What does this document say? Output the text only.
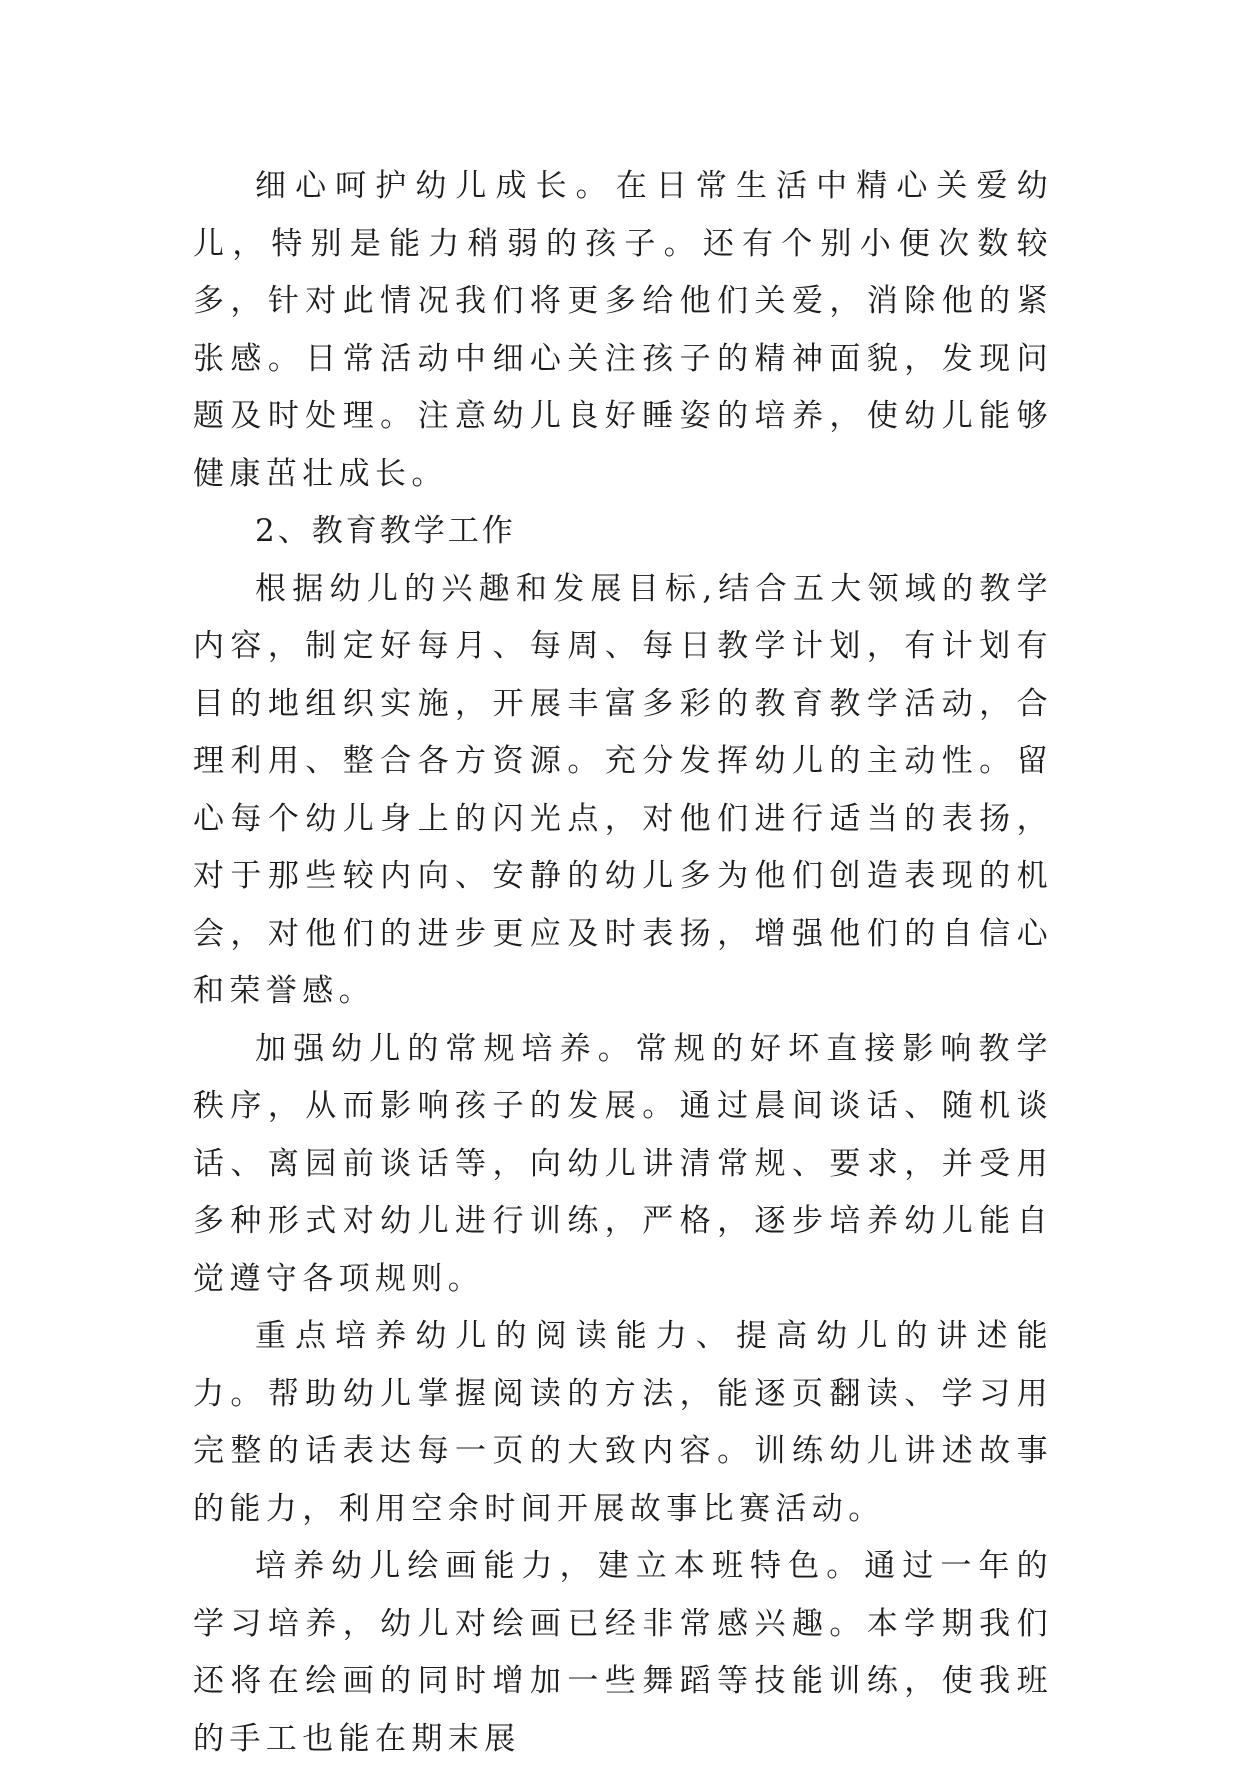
细心呵护幼儿成长。在日常生活中精心关爱幼儿，特别是能力稍弱的孩子。还有个别小便次数较多，针对此情况我们将更多给他们关爱，消除他的紧张感。日常活动中细心关注孩子的精神面貌，发现问题及时处理。注意幼儿良好睡姿的培养，使幼儿能够健康茁壮成长。

2、教育教学工作

根据幼儿的兴趣和发展目标,结合五大领域的教学内容，制定好每月、每周、每日教学计划，有计划有目的地组织实施，开展丰富多彩的教育教学活动，合理利用、整合各方资源。充分发挥幼儿的主动性。留心每个幼儿身上的闪光点，对他们进行适当的表扬，对于那些较内向、安静的幼儿多为他们创造表现的机会，对他们的进步更应及时表扬，增强他们的自信心和荣誉感。

加强幼儿的常规培养。常规的好坏直接影响教学秩序，从而影响孩子的发展。通过晨间谈话、随机谈话、离园前谈话等，向幼儿讲清常规、要求，并受用多种形式对幼儿进行训练，严格，逐步培养幼儿能自觉遵守各项规则。

重点培养幼儿的阅读能力、提高幼儿的讲述能力。帮助幼儿掌握阅读的方法，能逐页翻读、学习用完整的话表达每一页的大致内容。训练幼儿讲述故事的能力，利用空余时间开展故事比赛活动。

培养幼儿绘画能力，建立本班特色。通过一年的学习培养，幼儿对绘画已经非常感兴趣。本学期我们还将在绘画的同时增加一些舞蹈等技能训练，使我班的手工也能在期末展
